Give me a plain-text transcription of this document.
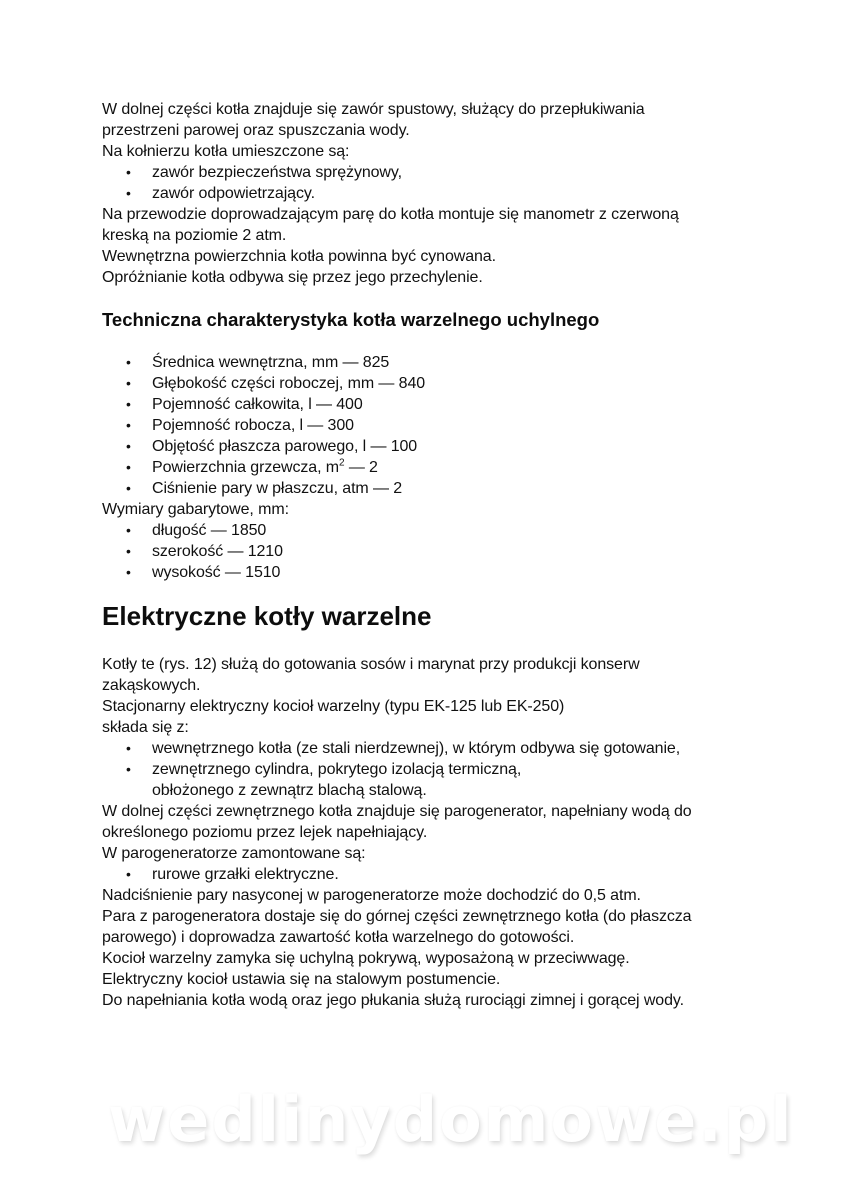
W dolnej części kotła znajduje się zawór spustowy, służący do przepłukiwania

przestrzeni parowej oraz spuszczania wody.

Na kołnierzu kotła umieszczone są:

• zawór bezpieczeństwa sprężynowy,
• zawór odpowietrzający.

Na przewodzie doprowadzającym parę do kotła montuje się manometr z czerwoną

kreską na poziomie 2 atm.

Wewnętrzna powierzchnia kotła powinna być cynowana.

Opróżnianie kotła odbywa się przez jego przechylenie.

Techniczna charakterystyka kotła warzelnego uchylnego
• Średnica wewnętrzna, mm — 825
• Głębokość części roboczej, mm — 840
• Pojemność całkowita, l — 400
• Pojemność robocza, l — 300
• Objętość płaszcza parowego, l — 100
• Powierzchnia grzewcza, $m^2$ — 2
• Ciśnienie pary w płaszczu, atm — 2

Wymiary gabarytowe, mm:

• długość — 1850
• szerokość — 1210
• wysokość — 1510
Elektryczne kotły warzelne

Kotły te (rys. 12) służą do gotowania sosów i marynat przy produkcji konserw

zakąskowych.

Stacjonarny elektryczny kocioł warzelny (typu EK-125 lub EK-250)

składa się z:

• wewnętrznego kotła (ze stali nierdzewnej), w którym odbywa się gotowanie,
• zewnętrznego cylindra, pokrytego izolacją termiczną,
obłożonego z zewnątrz blachą stalową.

W dolnej części zewnętrznego kotła znajduje się parogenerator, napełniany wodą do

określonego poziomu przez lejek napełniający.

W parogeneratorze zamontowane są:

• rurowe grzałki elektryczne.

Nadciśnienie pary nasyconej w parogeneratorze może dochodzić do 0,5 atm.

Para z parogeneratora dostaje się do górnej części zewnętrznego kotła (do płaszcza

parowego) i doprowadza zawartość kotła warzelnego do gotowości.

Kocioł warzelny zamyka się uchylną pokrywą, wyposażoną w przeciwwagę.

Elektryczny kocioł ustawia się na stalowym postumencie.

Do napełniania kotła wodą oraz jego płukania służą rurociągi zimnej i gorącej wody.

wedlinydomowe.pl
